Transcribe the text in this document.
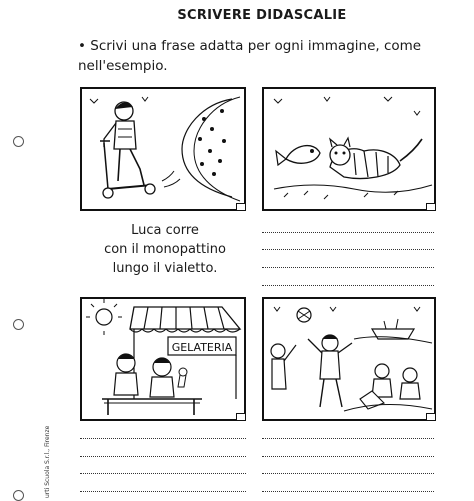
urti Scuola S.r.l., Firenze
SCRIVERE DIDASCALIE
• Scrivi una frase adatta per ogni immagine, come
nell'esempio.
Luca corre
con il monopattino
lungo il vialetto.
GELATERIA
